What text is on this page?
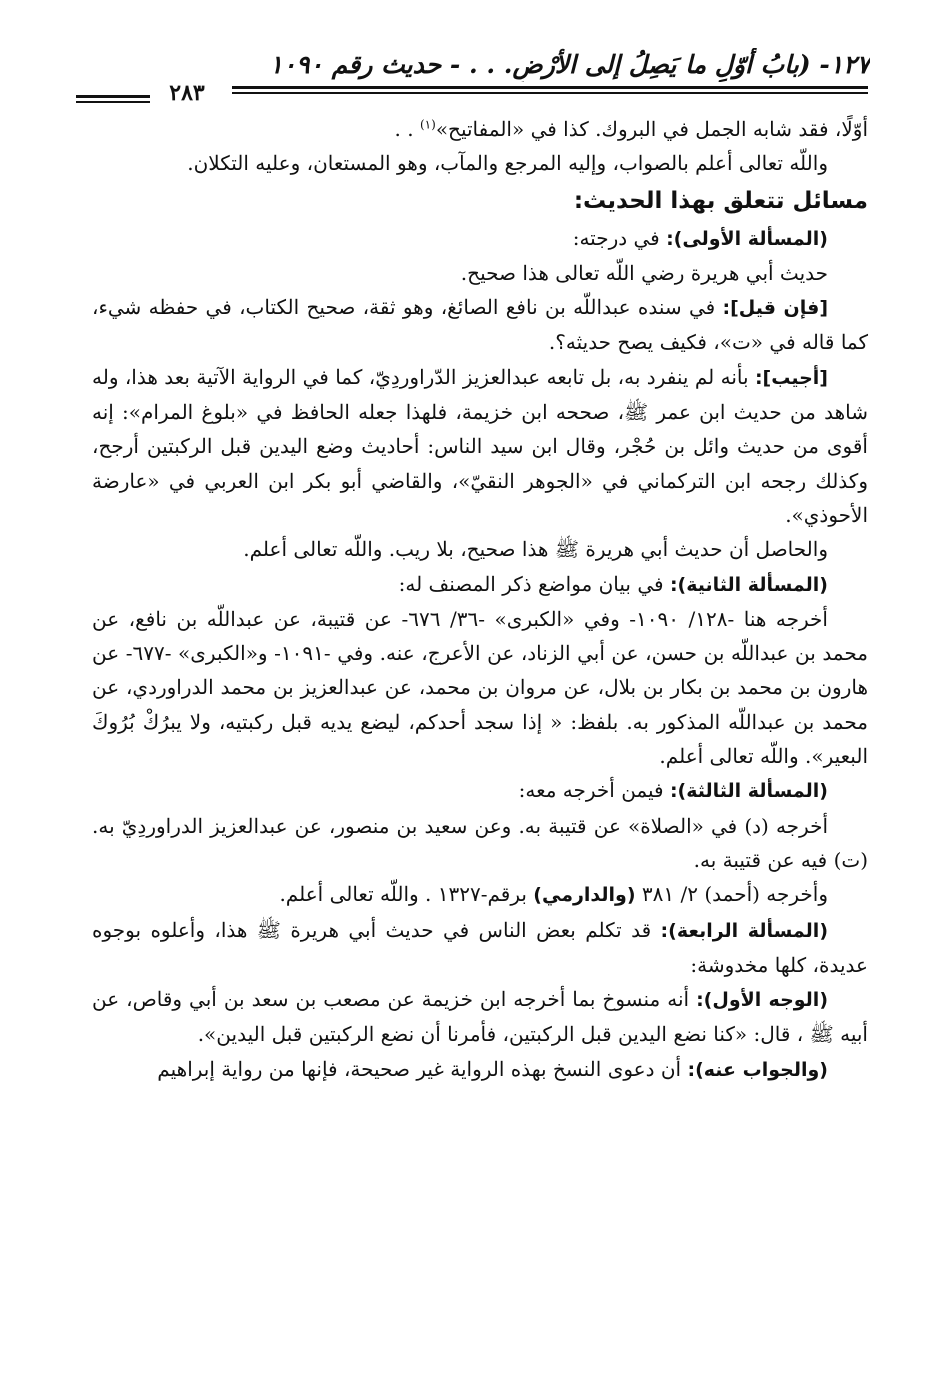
١٢٧- (بابُ أوّلِ ما يَصِلُ إلى الأرْضِ. . . - حديث رقم ١٠٩٠
٢٨٣

أوّلًا، فقد شابه الجمل في البروك. كذا في «المفاتيح»$^{(١)}$ . .

واللّه تعالى أعلم بالصواب، وإليه المرجع والمآب، وهو المستعان، وعليه التكلان.

مسائل تتعلق بهذا الحديث:

(المسألة الأولى): في درجته:

حديث أبي هريرة رضي اللّه تعالى هذا صحيح.

[فإن قيل]: في سنده عبداللّه بن نافع الصائغ، وهو ثقة، صحيح الكتاب، في حفظه شيء، كما قاله في «ت»، فكيف يصح حديثه؟.

[أجيب]: بأنه لم ينفرد به، بل تابعه عبدالعزيز الدّراوردِيّ، كما في الرواية الآتية بعد هذا، وله شاهد من حديث ابن عمر ﷺ، صححه ابن خزيمة، فلهذا جعله الحافظ في «بلوغ المرام»: إنه أقوى من حديث وائل بن حُجْر، وقال ابن سيد الناس: أحاديث وضع اليدين قبل الركبتين أرجح، وكذلك رجحه ابن التركماني في «الجوهر النقيّ»، والقاضي أبو بكر ابن العربي في «عارضة الأحوذي».

والحاصل أن حديث أبي هريرة ﷺ هذا صحيح، بلا ريب. واللّه تعالى أعلم.

(المسألة الثانية): في بيان مواضع ذكر المصنف له:

أخرجه هنا -١٢٨/ ١٠٩٠- وفي «الكبرى» -٣٦/ ٦٧٦- عن قتيبة، عن عبداللّه بن نافع، عن محمد بن عبداللّه بن حسن، عن أبي الزناد، عن الأعرج، عنه. وفي -١٠٩١- و«الكبرى» -٦٧٧- عن هارون بن محمد بن بكار بن بلال، عن مروان بن محمد، عن عبدالعزيز بن محمد الدراوردي، عن محمد بن عبداللّه المذكور به. بلفظ: « إذا سجد أحدكم، ليضع يديه قبل ركبتيه، ولا يبرُكْ بُرُوكَ البعير». واللّه تعالى أعلم.

(المسألة الثالثة): فيمن أخرجه معه:

أخرجه (د) في «الصلاة» عن قتيبة به. وعن سعيد بن منصور، عن عبدالعزيز الدراوردِيّ به. (ت) فيه عن قتيبة به.

وأخرجه (أحمد) ٢/ ٣٨١ (والدارمي) برقم-١٣٢٧ . واللّه تعالى أعلم.

(المسألة الرابعة): قد تكلم بعض الناس في حديث أبي هريرة ﷺ هذا، وأعلوه بوجوه عديدة، كلها مخدوشة:

(الوجه الأول): أنه منسوخ بما أخرجه ابن خزيمة عن مصعب بن سعد بن أبي وقاص، عن أبيه ﷺ ، قال: «كنا نضع اليدين قبل الركبتين، فأمرنا أن نضع الركبتين قبل اليدين».

(والجواب عنه): أن دعوى النسخ بهذه الرواية غير صحيحة، فإنها من رواية إبراهيم
